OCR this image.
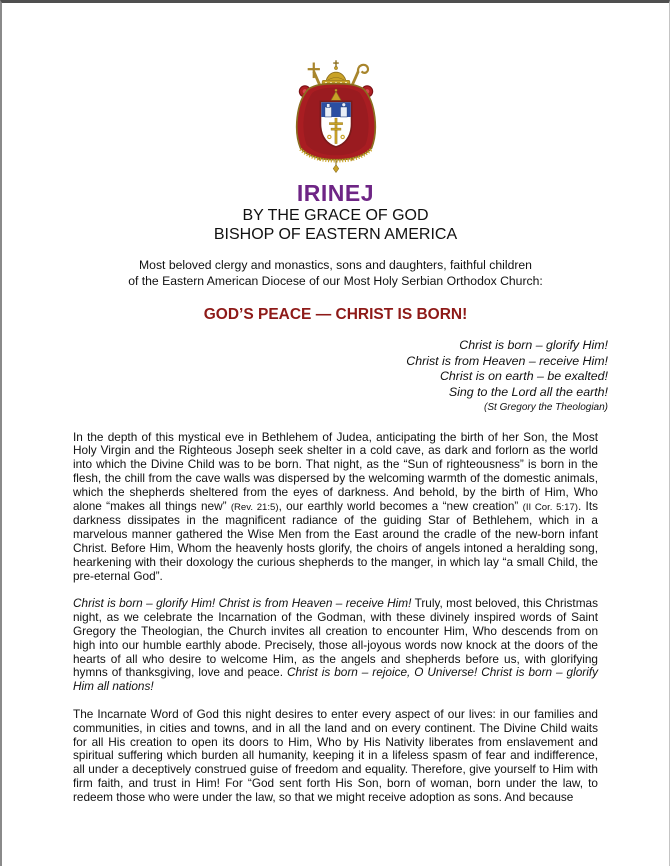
IRINEJ
BY THE GRACE OF GOD
BISHOP OF EASTERN AMERICA

Most beloved clergy and monastics, sons and daughters, faithful children
of the Eastern American Diocese of our Most Holy Serbian Orthodox Church:

GOD’S PEACE — CHRIST IS BORN!
Christ is born – glorify Him!
Christ is from Heaven – receive Him!
Christ is on earth – be exalted!
Sing to the Lord all the earth!
(St Gregory the Theologian)

In the depth of this mystical eve in Bethlehem of Judea, anticipating the birth of her Son, the Most Holy Virgin and the Righteous Joseph seek shelter in a cold cave, as dark and forlorn as the world into which the Divine Child was to be born. That night, as the “Sun of righteousness” is born in the flesh, the chill from the cave walls was dispersed by the welcoming warmth of the domestic animals, which the shepherds sheltered from the eyes of darkness. And behold, by the birth of Him, Who alone “makes all things new” (Rev. 21:5), our earthly world becomes a “new creation” (II Cor. 5:17). Its darkness dissipates in the magnificent radiance of the guiding Star of Bethlehem, which in a marvelous manner gathered the Wise Men from the East around the cradle of the new-born infant Christ. Before Him, Whom the heavenly hosts glorify, the choirs of angels intoned a heralding song, hearkening with their doxology the curious shepherds to the manger, in which lay “a small Child, the pre-eternal God”.

Christ is born – glorify Him! Christ is from Heaven – receive Him! Truly, most beloved, this Christmas night, as we celebrate the Incarnation of the Godman, with these divinely inspired words of Saint Gregory the Theologian, the Church invites all creation to encounter Him, Who descends from on high into our humble earthly abode. Precisely, those all-joyous words now knock at the doors of the hearts of all who desire to welcome Him, as the angels and shepherds before us, with glorifying hymns of thanksgiving, love and peace. Christ is born – rejoice, O Universe! Christ is born – glorify Him all nations!

The Incarnate Word of God this night desires to enter every aspect of our lives: in our families and communities, in cities and towns, and in all the land and on every continent. The Divine Child waits for all His creation to open its doors to Him, Who by His Nativity liberates from enslavement and spiritual suffering which burden all humanity, keeping it in a lifeless spasm of fear and indifference, all under a deceptively construed guise of freedom and equality. Therefore, give yourself to Him with firm faith, and trust in Him! For “God sent forth His Son, born of woman, born under the law, to redeem those who were under the law, so that we might receive adoption as sons. And because
